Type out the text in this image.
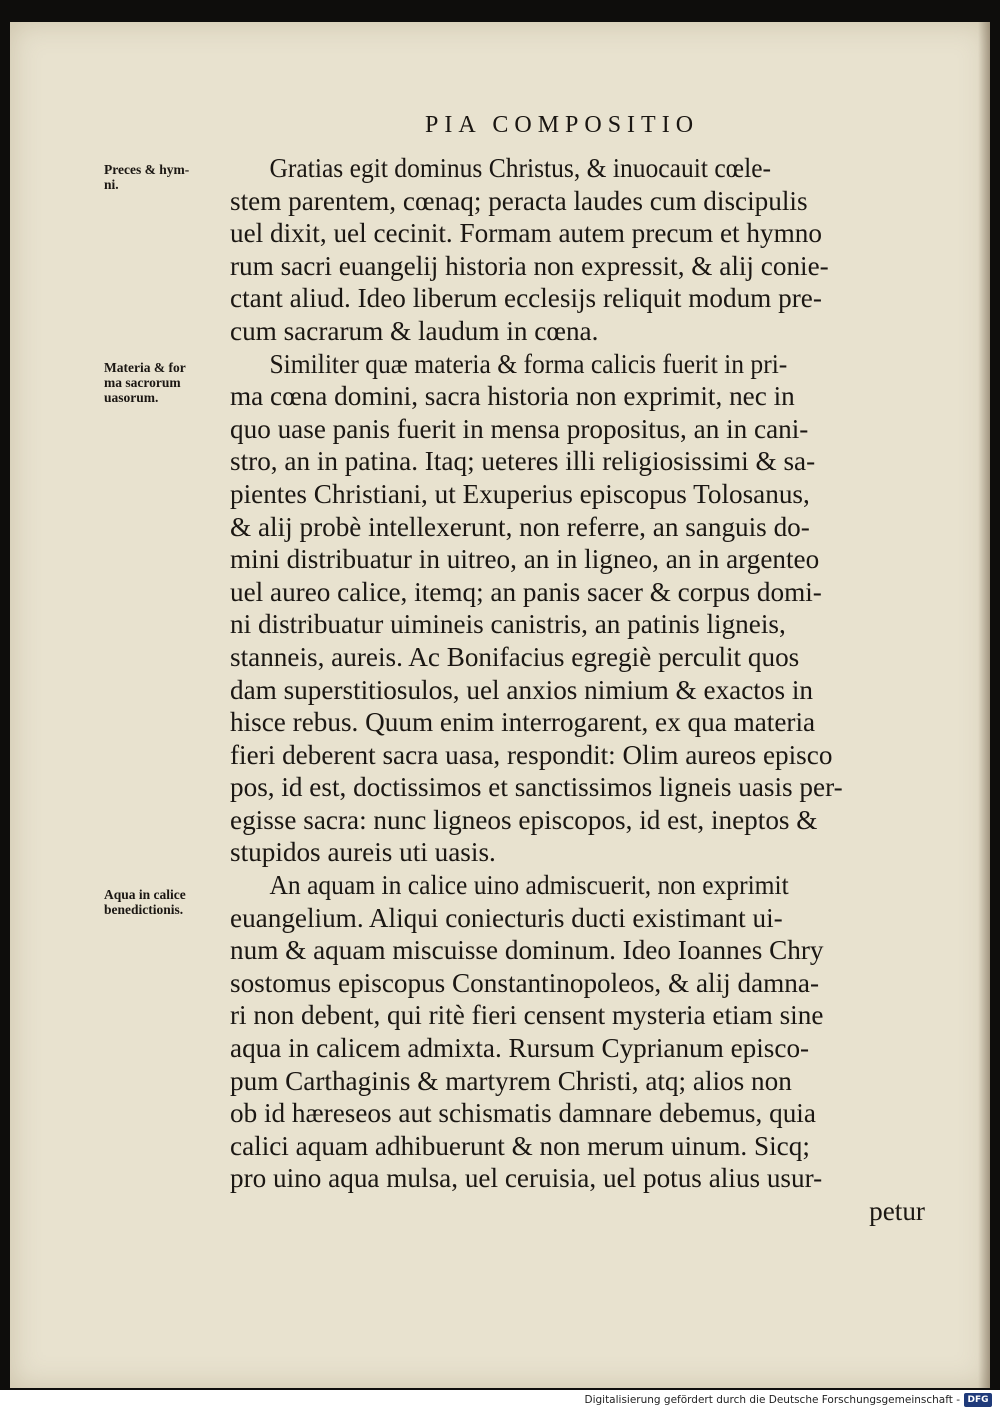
PIA COMPOSITIO
Preces & hym-
ni.
Materia & for
ma sacrorum
uasorum.
Aqua in calice
benedictionis.
Gratias egit dominus Christus, & inuocauit cœle-
stem parentem, cœnaq; peracta laudes cum discipulis
uel dixit, uel cecinit. Formam autem precum et hymno
rum sacri euangelij historia non expressit, & alij conie-
ctant aliud. Ideo liberum ecclesijs reliquit modum pre-
cum sacrarum & laudum in cœna.
Similiter quæ materia & forma calicis fuerit in pri-
ma cœna domini, sacra historia non exprimit, nec in
quo uase panis fuerit in mensa propositus, an in cani-
stro, an in patina. Itaq; ueteres illi religiosissimi & sa-
pientes Christiani, ut Exuperius episcopus Tolosanus,
& alij probè intellexerunt, non referre, an sanguis do-
mini distribuatur in uitreo, an in ligneo, an in argenteo
uel aureo calice, itemq; an panis sacer & corpus domi-
ni distribuatur uimineis canistris, an patinis ligneis,
stanneis, aureis. Ac Bonifacius egregiè perculit quos
dam superstitiosulos, uel anxios nimium & exactos in
hisce rebus. Quum enim interrogarent, ex qua materia
fieri deberent sacra uasa, respondit: Olim aureos episco
pos, id est, doctissimos et sanctissimos ligneis uasis per-
egisse sacra: nunc ligneos episcopos, id est, ineptos &
stupidos aureis uti uasis.
An aquam in calice uino admiscuerit, non exprimit
euangelium. Aliqui coniecturis ducti existimant ui-
num & aquam miscuisse dominum. Ideo Ioannes Chry
sostomus episcopus Constantinopoleos, & alij damna-
ri non debent, qui ritè fieri censent mysteria etiam sine
aqua in calicem admixta. Rursum Cyprianum episco-
pum Carthaginis & martyrem Christi, atq; alios non
ob id hæreseos aut schismatis damnare debemus, quia
calici aquam adhibuerunt & non merum uinum. Sicq;
pro uino aqua mulsa, uel ceruisia, uel potus alius usur-
petur
Digitalisierung gefördert durch die Deutsche Forschungsgemeinschaft - DFG
